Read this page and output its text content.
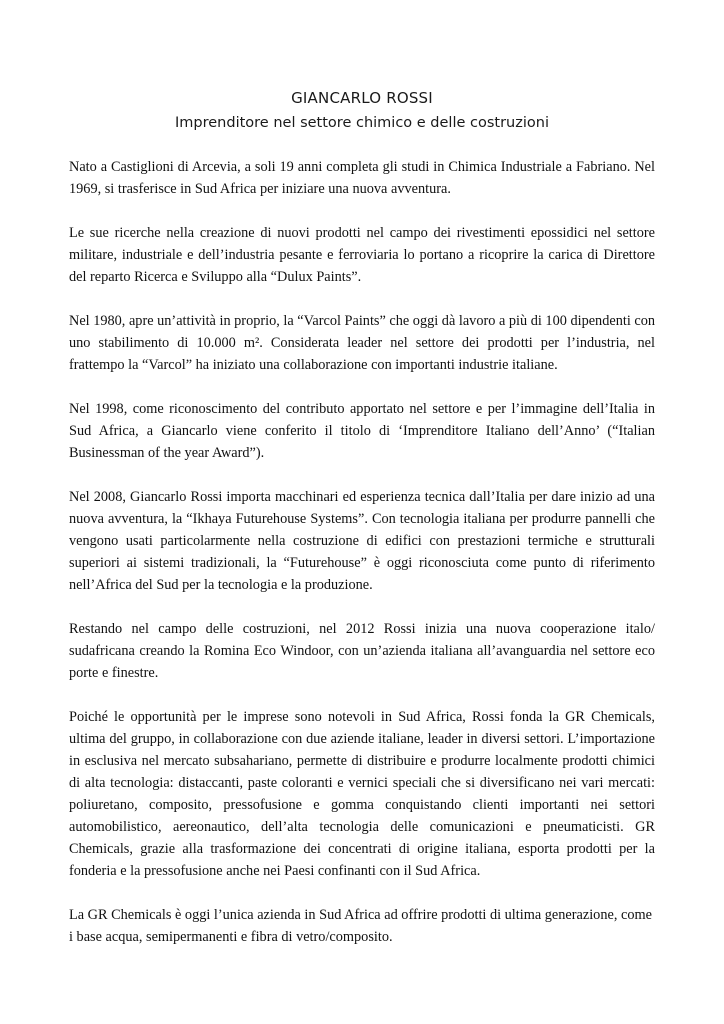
GIANCARLO ROSSI
Imprenditore nel settore chimico e delle costruzioni

Nato a Castiglioni di Arcevia, a soli 19 anni completa gli studi in Chimica Industriale a Fabriano. Nel 1969, si trasferisce in Sud Africa per iniziare una nuova avventura.

Le sue ricerche nella creazione di nuovi prodotti nel campo dei rivestimenti epossidici nel settore militare, industriale e dell’industria pesante e ferroviaria lo portano a ricoprire la carica di Direttore del reparto Ricerca e Sviluppo alla “Dulux Paints”.

Nel 1980, apre un’attività in proprio, la “Varcol Paints” che oggi dà lavoro a più di 100 dipendenti con uno stabilimento di 10.000 m². Considerata leader nel settore dei prodotti per l’industria, nel frattempo la “Varcol” ha iniziato una collaborazione con importanti industrie italiane.

Nel 1998, come riconoscimento del contributo apportato nel settore e per l’immagine dell’Italia in Sud Africa, a Giancarlo viene conferito il titolo di ‘Imprenditore Italiano dell’Anno’ (“Italian Businessman of the year Award”).

Nel 2008, Giancarlo Rossi importa macchinari ed esperienza tecnica dall’Italia per dare inizio ad una nuova avventura, la “Ikhaya Futurehouse Systems”. Con tecnologia italiana per produrre pannelli che vengono usati particolarmente nella costruzione di edifici con prestazioni termiche e strutturali superiori ai sistemi tradizionali, la “Futurehouse” è oggi riconosciuta come punto di riferimento nell’Africa del Sud per la tecnologia e la produzione.

Restando nel campo delle costruzioni, nel 2012 Rossi inizia una nuova cooperazione italo/ sudafricana creando la Romina Eco Windoor, con un’azienda italiana all’avanguardia nel settore eco porte e finestre.

Poiché le opportunità per le imprese sono notevoli in Sud Africa, Rossi fonda la GR Chemicals, ultima del gruppo, in collaborazione con due aziende italiane, leader in diversi settori. L’importazione in esclusiva nel mercato subsahariano, permette di distribuire e produrre localmente prodotti chimici di alta tecnologia: distaccanti, paste coloranti e vernici speciali che si diversificano nei vari mercati: poliuretano, composito, pressofusione e gomma conquistando clienti importanti nei settori automobilistico, aereonautico, dell’alta tecnologia delle comunicazioni e pneumaticisti. GR Chemicals, grazie alla trasformazione dei concentrati di origine italiana, esporta prodotti per la fonderia e la pressofusione anche nei Paesi confinanti con il Sud Africa.

La GR Chemicals è oggi l’unica azienda in Sud Africa ad offrire prodotti di ultima generazione, come i base acqua, semipermanenti e fibra di vetro/composito.
